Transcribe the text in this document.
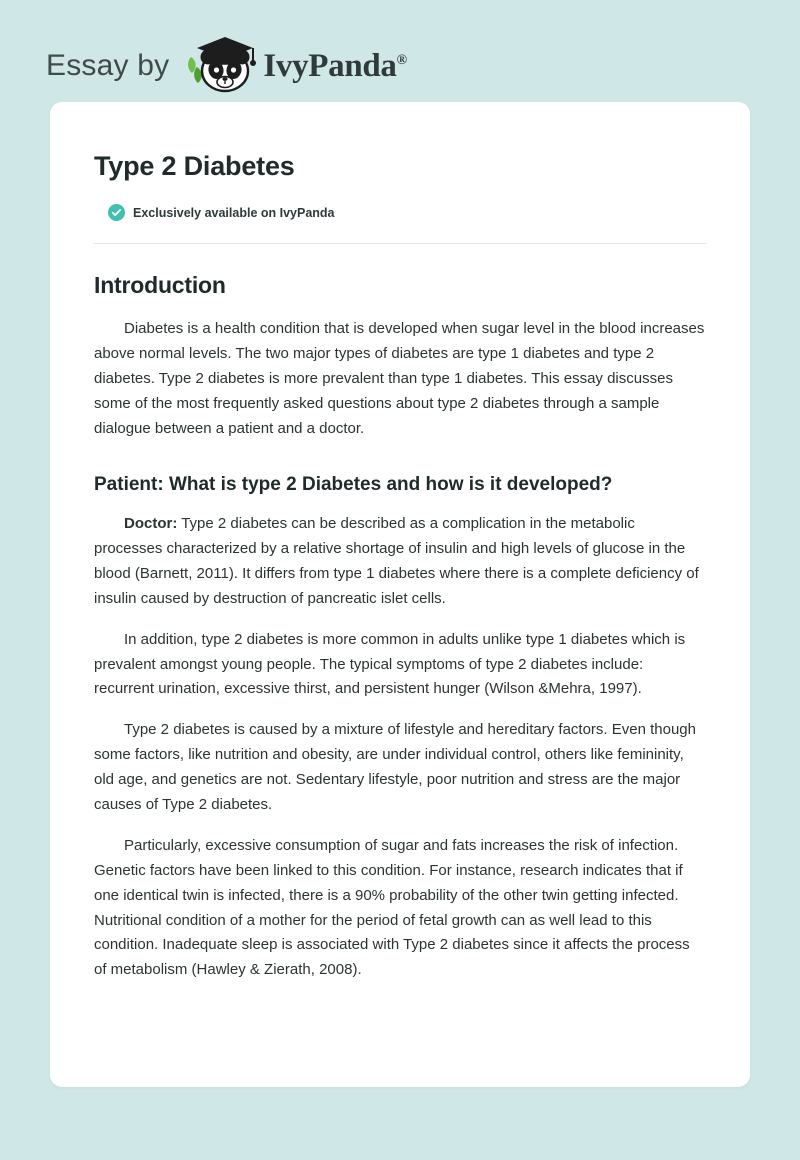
Essay by	IvyPanda®
Type 2 Diabetes
Exclusively available on IvyPanda
Introduction

Diabetes is a health condition that is developed when sugar level in the blood increases above normal levels. The two major types of diabetes are type 1 diabetes and type 2 diabetes. Type 2 diabetes is more prevalent than type 1 diabetes. This essay discusses some of the most frequently asked questions about type 2 diabetes through a sample dialogue between a patient and a doctor.

Patient: What is type 2 Diabetes and how is it developed?

Doctor: Type 2 diabetes can be described as a complication in the metabolic processes characterized by a relative shortage of insulin and high levels of glucose in the blood (Barnett, 2011). It differs from type 1 diabetes where there is a complete deficiency of insulin caused by destruction of pancreatic islet cells.

In addition, type 2 diabetes is more common in adults unlike type 1 diabetes which is prevalent amongst young people. The typical symptoms of type 2 diabetes include: recurrent urination, excessive thirst, and persistent hunger (Wilson &Mehra, 1997).

Type 2 diabetes is caused by a mixture of lifestyle and hereditary factors. Even though some factors, like nutrition and obesity, are under individual control, others like femininity, old age, and genetics are not. Sedentary lifestyle, poor nutrition and stress are the major causes of Type 2 diabetes.

Particularly, excessive consumption of sugar and fats increases the risk of infection. Genetic factors have been linked to this condition. For instance, research indicates that if one identical twin is infected, there is a 90% probability of the other twin getting infected. Nutritional condition of a mother for the period of fetal growth can as well lead to this condition. Inadequate sleep is associated with Type 2 diabetes since it affects the process of metabolism (Hawley & Zierath, 2008).
